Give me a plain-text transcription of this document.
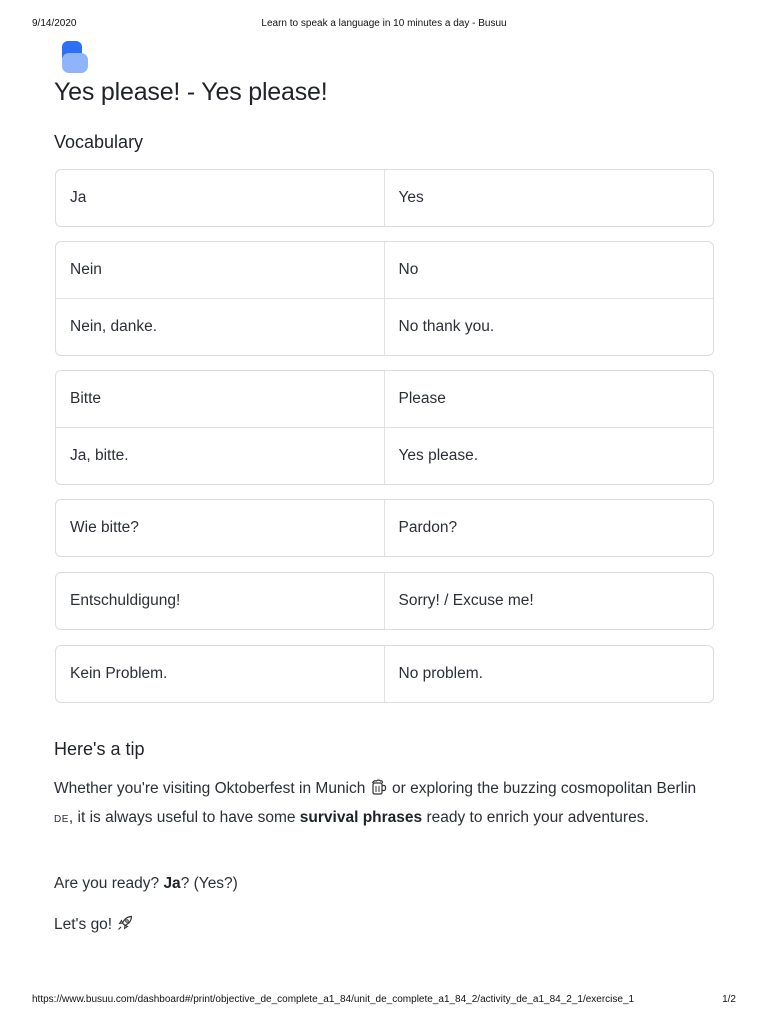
9/14/2020	Learn to speak a language in 10 minutes a day - Busuu
Yes please! - Yes please!
Vocabulary
Ja	Yes
Nein	No
Nein, danke.	No thank you.
Bitte	Please
Ja, bitte.	Yes please.
Wie bitte?	Pardon?
Entschuldigung!	Sorry! / Excuse me!
Kein Problem.	No problem.
Here's a tip

Whether you're visiting Oktoberfest in Munich  or exploring the buzzing cosmopolitan Berlin DE, it is always useful to have some survival phrases ready to enrich your adventures.

Are you ready? Ja? (Yes?)

Let's go!

https://www.busuu.com/dashboard#/print/objective_de_complete_a1_84/unit_de_complete_a1_84_2/activity_de_a1_84_2_1/exercise_1	1/2
